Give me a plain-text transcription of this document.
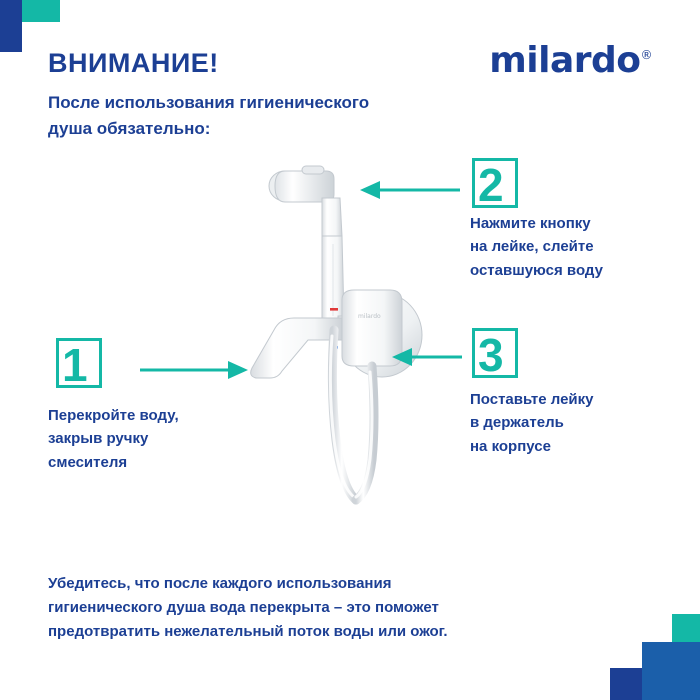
ВНИМАНИЕ!
После использования гигиенического
душа обязательно:
milardo®
milardo
1
Перекройте воду,
закрыв ручку
смесителя
2
Нажмите кнопку
на лейке, слейте
оставшуюся воду
3
Поставьте лейку
в держатель
на корпусе
Убедитесь, что после каждого использования
гигиенического душа вода перекрыта – это поможет
предотвратить нежелательный поток воды или ожог.
